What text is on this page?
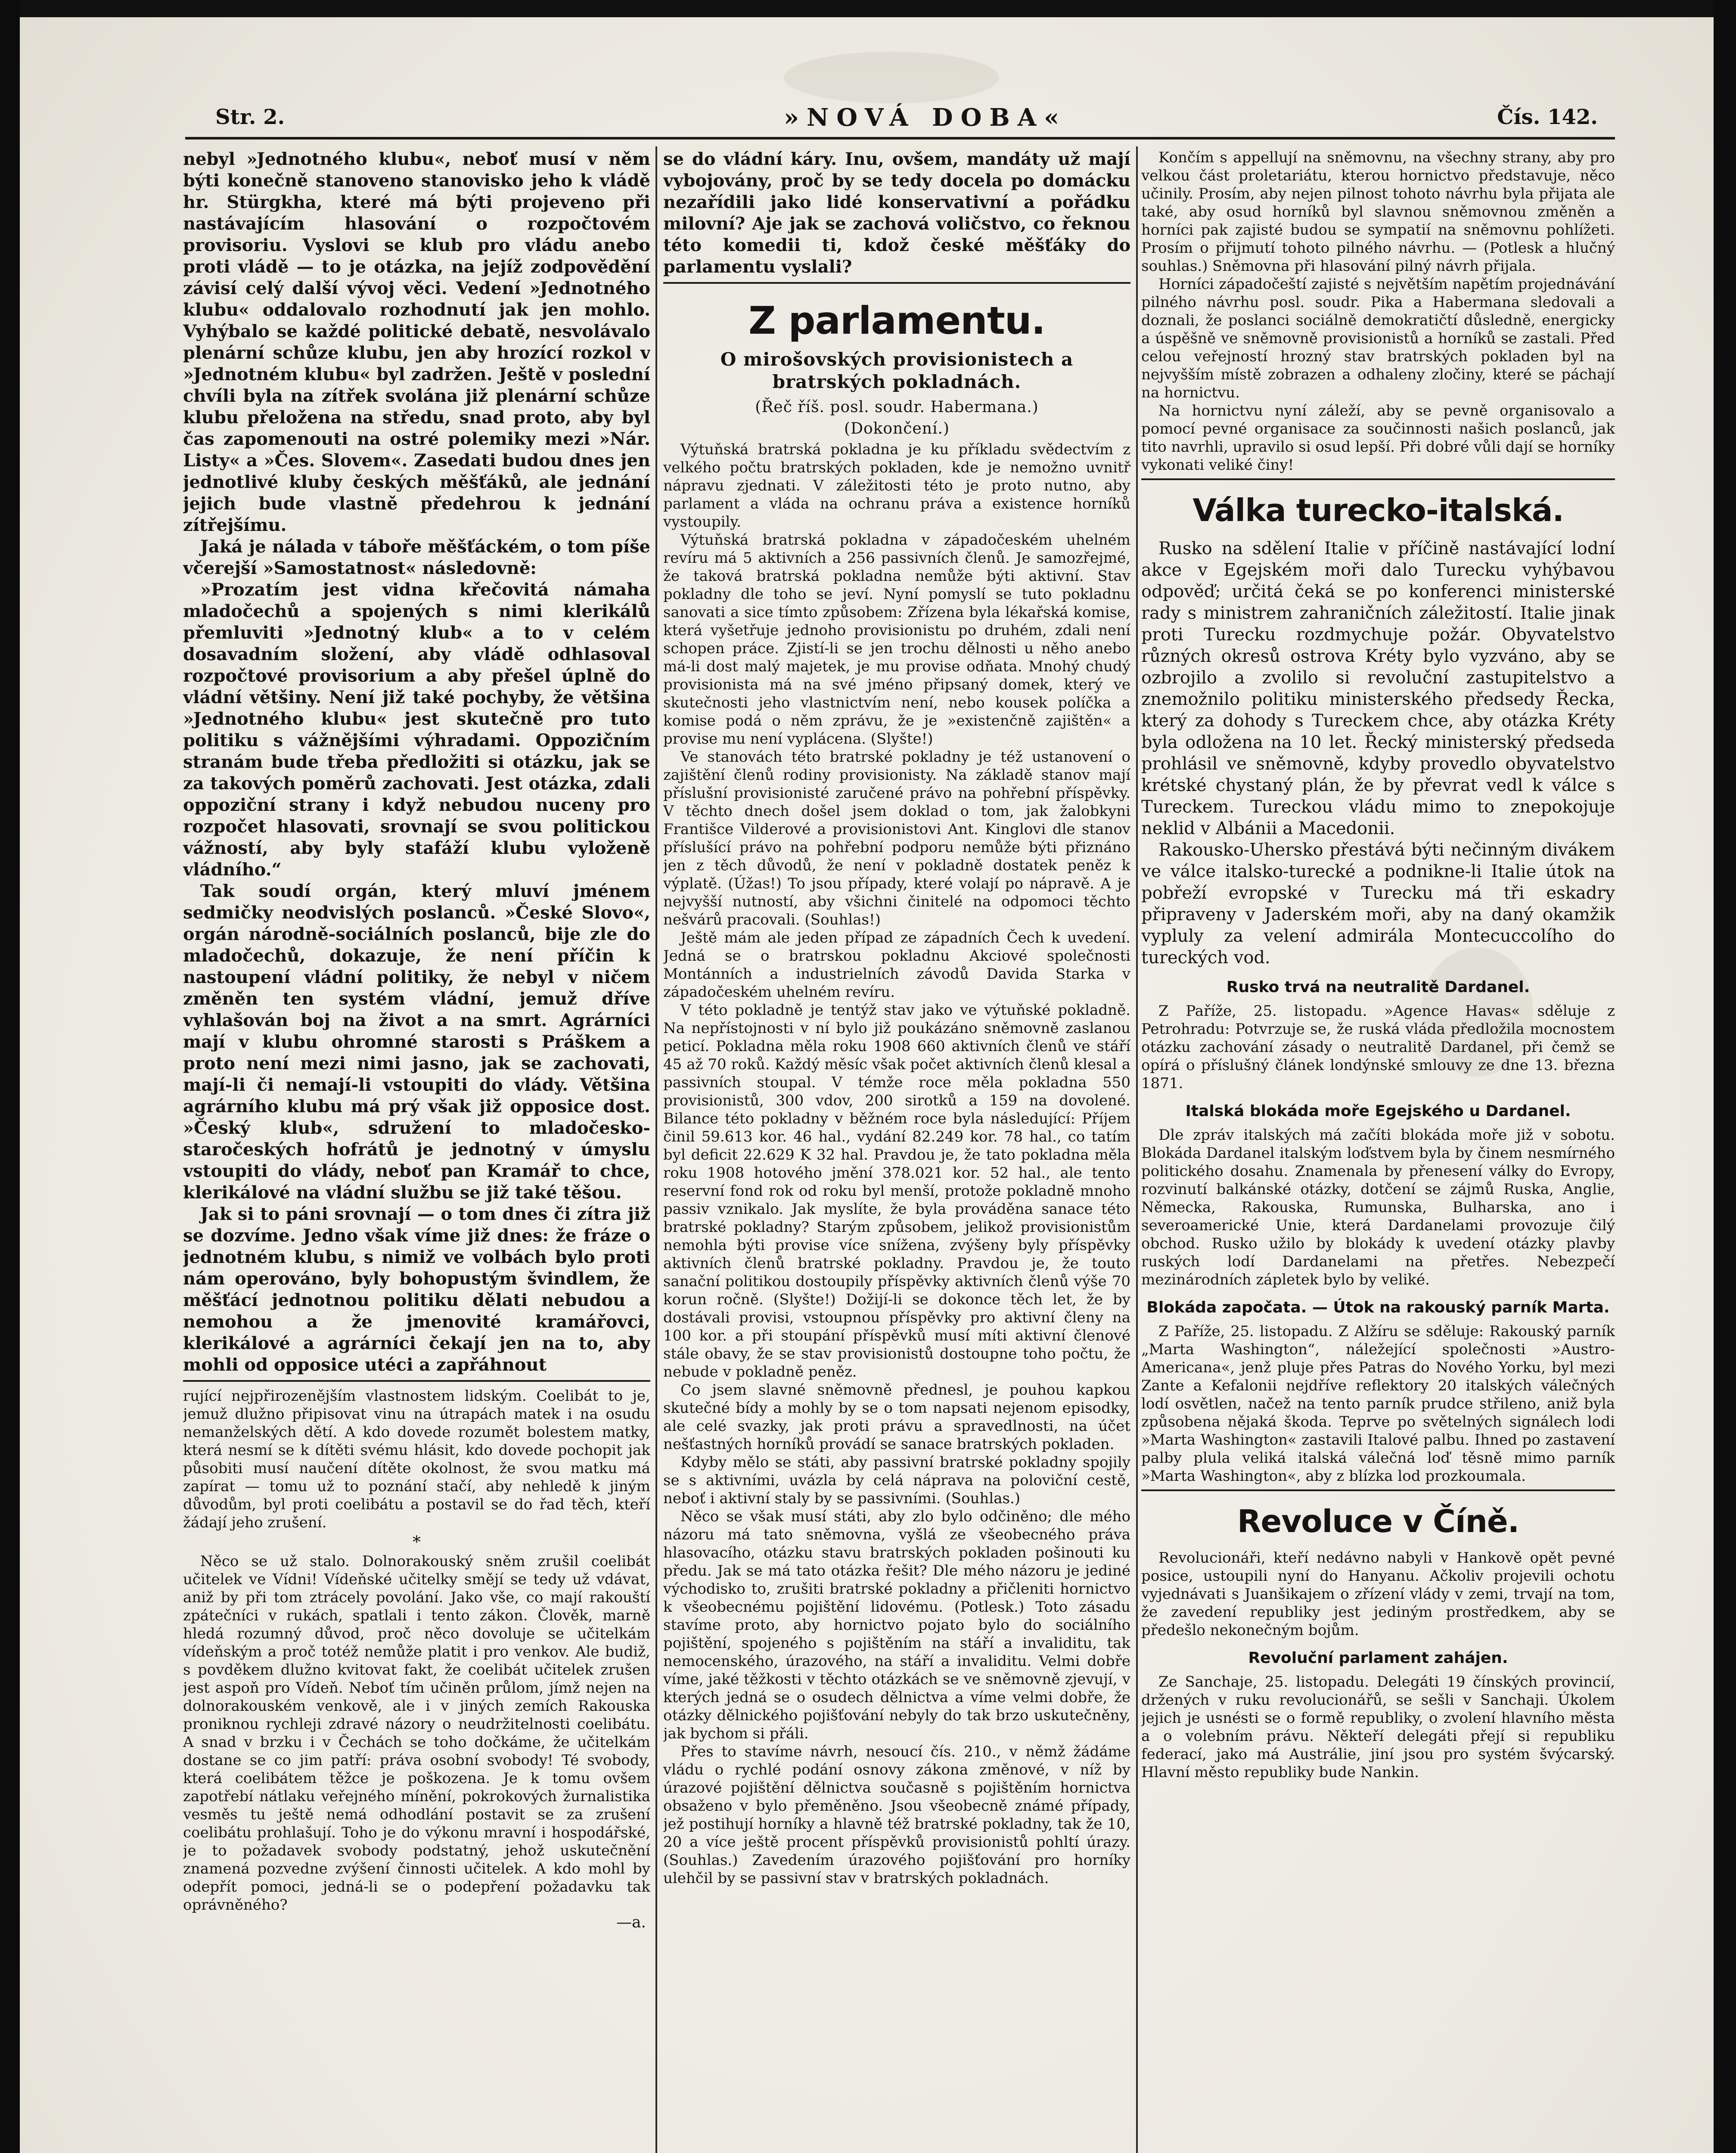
Str. 2.	»NOVÁ DOBA«	Čís. 142.

nebyl »Jednotného klubu«, neboť musí v něm býti konečně stanoveno stanovisko jeho k vládě hr. Stürgkha, které má býti projeveno při nastávajícím hlasování o rozpočtovém provisoriu. Vyslovi se klub pro vládu anebo proti vládě — to je otázka, na jejíž zodpovědění závisí celý další vývoj věci. Vedení »Jednotného klubu« oddalovalo rozhodnutí jak jen mohlo. Vyhýbalo se každé politické debatě, nesvolávalo plenární schůze klubu, jen aby hrozící rozkol v »Jednotném klubu« byl zadržen. Ještě v poslední chvíli byla na zítřek svolána již plenární schůze klubu přeložena na středu, snad proto, aby byl čas zapomenouti na ostré polemiky mezi »Nár. Listy« a »Čes. Slovem«. Zasedati budou dnes jen jednotlivé kluby českých měšťáků, ale jednání jejich bude vlastně předehrou k jednání zítřejšímu.

Jaká je nálada v táboře měšťáckém, o tom píše včerejší »Samostatnost« následovně:

»Prozatím jest vidna křečovitá námaha mladočechů a spojených s nimi klerikálů přemluviti »Jednotný klub« a to v celém dosavadním složení, aby vládě odhlasoval rozpočtové provisorium a aby přešel úplně do vládní většiny. Není již také pochyby, že většina »Jednotného klubu« jest skutečně pro tuto politiku s vážnějšími výhradami. Oppozičním stranám bude třeba předložiti si otázku, jak se za takových poměrů zachovati. Jest otázka, zdali oppoziční strany i když nebudou nuceny pro rozpočet hlasovati, srovnají se svou politickou vážností, aby byly stafáží klubu vyloženě vládního.“

Tak soudí orgán, který mluví jménem sedmičky neodvislých poslanců. »České Slovo«, orgán národně-sociálních poslanců, bije zle do mladočechů, dokazuje, že není příčin k nastoupení vládní politiky, že nebyl v ničem změněn ten systém vládní, jemuž dříve vyhlašován boj na život a na smrt. Agrárníci mají v klubu ohromné starosti s Práškem a proto není mezi nimi jasno, jak se zachovati, mají-li či nemají-li vstoupiti do vlády. Většina agrárního klubu má prý však již opposice dost. »Český klub«, sdružení to mladočesko-staročeských hofrátů je jednotný v úmyslu vstoupiti do vlády, neboť pan Kramář to chce, klerikálové na vládní službu se již také těšou.

Jak si to páni srovnají — o tom dnes či zítra již se dozvíme. Jedno však víme již dnes: že fráze o jednotném klubu, s nimiž ve volbách bylo proti nám operováno, byly bohopustým švindlem, že měšťácí jednotnou politiku dělati nebudou a nemohou a že jmenovité kramářovci, klerikálové a agrárníci čekají jen na to, aby mohli od opposice utéci a zapřáhnout

rující nejpřirozenějším vlastnostem lidským. Coelibát to je, jemuž dlužno připisovat vinu na útrapách matek i na osudu nemanželských dětí. A kdo dovede rozumět bolestem matky, která nesmí se k dítěti svému hlásit, kdo dovede pochopit jak působiti musí naučení dítěte okolnost, že svou matku má zapírat — tomu už to poznání stačí, aby nehledě k jiným důvodům, byl proti coelibátu a postavil se do řad těch, kteří žádají jeho zrušení.

*

Něco se už stalo. Dolnorakouský sněm zrušil coelibát učitelek ve Vídni! Vídeňské učitelky smějí se tedy už vdávat, aniž by při tom ztrácely povolání. Jako vše, co mají rakouští zpátečníci v rukách, spatlali i tento zákon. Člověk, marně hledá rozumný důvod, proč něco dovoluje se učitelkám vídeňským a proč totéž nemůže platit i pro venkov. Ale budiž, s povděkem dlužno kvitovat fakt, že coelibát učitelek zrušen jest aspoň pro Vídeň. Neboť tím učiněn průlom, jímž nejen na dolnorakouském venkově, ale i v jiných zemích Rakouska proniknou rychleji zdravé názory o neudržitelnosti coelibátu. A snad v brzku i v Čechách se toho dočkáme, že učitelkám dostane se co jim patří: práva osobní svobody! Té svobody, která coelibátem těžce je poškozena. Je k tomu ovšem zapotřebí nátlaku veřejného mínění, pokrokových žurnalistika vesměs tu ještě nemá odhodlání postavit se za zrušení coelibátu prohlašují. Toho je do výkonu mravní i hospodářské, je to požadavek svobody podstatný, jehož uskutečnění znamená pozvedne zvýšení činnosti učitelek. A kdo mohl by odepřít pomoci, jedná-li se o podepření požadavku tak oprávněného?

—a.

se do vládní káry. Inu, ovšem, mandáty už mají vybojovány, proč by se tedy docela po domácku nezařídili jako lidé konservativní a pořádku milovní? Aje jak se zachová voličstvo, co řeknou této komedii ti, kdož české měšťáky do parlamentu vyslali?

Z parlamentu.
O mirošovských provisionistech a bratrských pokladnách.
(Řeč říš. posl. soudr. Habermana.)
(Dokončení.)

Výtuňská bratrská pokladna je ku příkladu svědectvím z velkého počtu bratrských pokladen, kde je nemožno uvnitř nápravu zjednati. V záležitosti této je proto nutno, aby parlament a vláda na ochranu práva a existence horníků vystoupily.

Výtuňská bratrská pokladna v západočeském uhelném revíru má 5 aktivních a 256 passivních členů. Je samozřejmé, že taková bratrská pokladna nemůže býti aktivní. Stav pokladny dle toho se jeví. Nyní pomyslí se tuto pokladnu sanovati a sice tímto způsobem: Zřízena byla lékařská komise, která vyšetřuje jednoho provisionistu po druhém, zdali není schopen práce. Zjistí-li se jen trochu dělnosti u něho anebo má-li dost malý majetek, je mu provise odňata. Mnohý chudý provisionista má na své jméno připsaný domek, který ve skutečnosti jeho vlastnictvím není, nebo kousek políčka a komise podá o něm zprávu, že je »existenčně zajištěn« a provise mu není vyplácena. (Slyšte!)

Ve stanovách této bratrské pokladny je též ustanovení o zajištění členů rodiny provisionisty. Na základě stanov mají příslušní provisionisté zaručené právo na pohřební příspěvky. V těchto dnech došel jsem doklad o tom, jak žalobkyni Františce Vilderové a provisionistovi Ant. Kinglovi dle stanov příslušící právo na pohřební podporu nemůže býti přiznáno jen z těch důvodů, že není v pokladně dostatek peněz k výplatě. (Úžas!) To jsou případy, které volají po nápravě. A je nejvyšší nutností, aby všichni činitelé na odpomoci těchto nešvárů pracovali. (Souhlas!)

Ještě mám ale jeden případ ze západních Čech k uvedení. Jedná se o bratrskou pokladnu Akciové společnosti Montánních a industrielních závodů Davida Starka v západočeském uhelném revíru.

V této pokladně je tentýž stav jako ve výtuňské pokladně. Na nepřístojnosti v ní bylo již poukázáno sněmovně zaslanou peticí. Pokladna měla roku 1908 660 aktivních členů ve stáří 45 až 70 roků. Každý měsíc však počet aktivních členů klesal a passivních stoupal. V témže roce měla pokladna 550 provisionistů, 300 vdov, 200 sirotků a 159 na dovolené. Bilance této pokladny v běžném roce byla následující: Příjem činil 59.613 kor. 46 hal., vydání 82.249 kor. 78 hal., co tatím byl deficit 22.629 K 32 hal. Pravdou je, že tato pokladna měla roku 1908 hotového jmění 378.021 kor. 52 hal., ale tento reservní fond rok od roku byl menší, protože pokladně mnoho passiv vznikalo. Jak myslíte, že byla prováděna sanace této bratrské pokladny? Starým způsobem, jelikož provisionistům nemohla býti provise více snížena, zvýšeny byly příspěvky aktivních členů bratrské pokladny. Pravdou je, že touto sanační politikou dostoupily příspěvky aktivních členů výše 70 korun ročně. (Slyšte!) Dožijí-li se dokonce těch let, že by dostávali provisi, vstoupnou příspěvky pro aktivní členy na 100 kor. a při stoupání příspěvků musí míti aktivní členové stále obavy, že se stav provisionistů dostoupne toho počtu, že nebude v pokladně peněz.

Co jsem slavné sněmovně přednesl, je pouhou kapkou skutečné bídy a mohly by se o tom napsati nejenom episodky, ale celé svazky, jak proti právu a spravedlnosti, na účet nešťastných horníků provádí se sanace bratrských pokladen.

Kdyby mělo se státi, aby passivní bratrské pokladny spojily se s aktivními, uvázla by celá náprava na poloviční cestě, neboť i aktivní staly by se passivními. (Souhlas.)

Něco se však musí státi, aby zlo bylo odčiněno; dle mého názoru má tato sněmovna, vyšlá ze všeobecného práva hlasovacího, otázku stavu bratrských pokladen pošinouti ku předu. Jak se má tato otázka řešit? Dle mého názoru je jediné východisko to, zrušiti bratrské pokladny a přičleniti hornictvo k všeobecnému pojištění lidovému. (Potlesk.) Toto zásadu stavíme proto, aby hornictvo pojato bylo do sociálního pojištění, spojeného s pojištěním na stáří a invaliditu, tak nemocenského, úrazového, na stáří a invaliditu. Velmi dobře víme, jaké těžkosti v těchto otázkách se ve sněmovně zjevují, v kterých jedná se o osudech dělnictva a víme velmi dobře, že otázky dělnického pojišťování nebyly do tak brzo uskutečněny, jak bychom si přáli.

Přes to stavíme návrh, nesoucí čís. 210., v němž žádáme vládu o rychlé podání osnovy zákona změnové, v níž by úrazové pojištění dělnictva současně s pojištěním hornictva obsaženo v bylo přeměněno. Jsou všeobecně známé případy, jež postihují horníky a hlavně též bratrské pokladny, tak že 10, 20 a více ještě procent příspěvků provisionistů pohltí úrazy. (Souhlas.) Zavedením úrazového pojišťování pro horníky ulehčil by se passivní stav v bratrských pokladnách.

Končím s appellují na sněmovnu, na všechny strany, aby pro velkou část proletariátu, kterou hornictvo představuje, něco učinily. Prosím, aby nejen pilnost tohoto návrhu byla přijata ale také, aby osud horníků byl slavnou sněmovnou změněn a horníci pak zajisté budou se sympatií na sněmovnu pohlížeti. Prosím o přijmutí tohoto pilného návrhu. — (Potlesk a hlučný souhlas.) Sněmovna při hlasování pilný návrh přijala.

Horníci západočeští zajisté s největším napětím projednávání pilného návrhu posl. soudr. Pika a Habermana sledovali a doznali, že poslanci sociálně demokratičtí důsledně, energicky a úspěšně ve sněmovně provisionistů a horníků se zastali. Před celou veřejností hrozný stav bratrských pokladen byl na nejvyšším místě zobrazen a odhaleny zločiny, které se páchají na hornictvu.

Na hornictvu nyní záleží, aby se pevně organisovalo a pomocí pevné organisace za součinnosti našich poslanců, jak tito navrhli, upravilo si osud lepší. Při dobré vůli dají se horníky vykonati veliké činy!

Válka turecko-italská.

Rusko na sdělení Italie v příčině nastávající lodní akce v Egejském moři dalo Turecku vyhýbavou odpověď; určitá čeká se po konferenci ministerské rady s ministrem zahraničních záležitostí. Italie jinak proti Turecku rozdmychuje požár. Obyvatelstvo různých okresů ostrova Kréty bylo vyzváno, aby se ozbrojilo a zvolilo si revoluční zastupitelstvo a znemožnilo politiku ministerského předsedy Řecka, který za dohody s Tureckem chce, aby otázka Kréty byla odložena na 10 let. Řecký ministerský předseda prohlásil ve sněmovně, kdyby provedlo obyvatelstvo krétské chystaný plán, že by převrat vedl k válce s Tureckem. Tureckou vládu mimo to znepokojuje neklid v Albánii a Macedonii.

Rakousko-Uhersko přestává býti nečinným divákem ve válce italsko-turecké a podnikne-li Italie útok na pobřeží evropské v Turecku má tři eskadry připraveny v Jaderském moři, aby na daný okamžik vypluly za velení admirála Montecuccolího do tureckých vod.

Rusko trvá na neutralitě Dardanel.

Z Paříže, 25. listopadu. »Agence Havas« sděluje z Petrohradu: Potvrzuje se, že ruská vláda předložila mocnostem otázku zachování zásady o neutralitě Dardanel, při čemž se opírá o příslušný článek londýnské smlouvy ze dne 13. března 1871.

Italská blokáda moře Egejského u Dardanel.

Dle zpráv italských má začíti blokáda moře již v sobotu. Blokáda Dardanel italským loďstvem byla by činem nesmírného politického dosahu. Znamenala by přenesení války do Evropy, rozvinutí balkánské otázky, dotčení se zájmů Ruska, Anglie, Německa, Rakouska, Rumunska, Bulharska, ano i severoamerické Unie, která Dardanelami provozuje čilý obchod. Rusko užilo by blokády k uvedení otázky plavby ruských lodí Dardanelami na přetřes. Nebezpečí mezinárodních zápletek bylo by veliké.

Blokáda započata. — Útok na rakouský parník Marta.

Z Paříže, 25. listopadu. Z Alžíru se sděluje: Rakouský parník „Marta Washington“, náležející společnosti »Austro-Americana«, jenž pluje přes Patras do Nového Yorku, byl mezi Zante a Kefalonii nejdříve reflektory 20 italských válečných lodí osvětlen, načež na tento parník prudce střileno, aniž byla způsobena nějaká škoda. Teprve po světelných signálech lodi »Marta Washington« zastavili Italové palbu. Ihned po zastavení palby plula veliká italská válečná loď těsně mimo parník »Marta Washington«, aby z blízka lod prozkoumala.

Revoluce v Číně.

Revolucionáři, kteří nedávno nabyli v Hankově opět pevné posice, ustoupili nyní do Hanyanu. Ačkoliv projevili ochotu vyjednávati s Juanšikajem o zřízení vlády v zemi, trvají na tom, že zavedení republiky jest jediným prostředkem, aby se předešlo nekonečným bojům.

Revoluční parlament zahájen.

Ze Sanchaje, 25. listopadu. Delegáti 19 čínských provincií, držených v ruku revolucionářů, se sešli v Sanchaji. Úkolem jejich je usnésti se o formě republiky, o zvolení hlavního města a o volebním právu. Někteří delegáti přejí si republiku federací, jako má Austrálie, jiní jsou pro systém švýcarský. Hlavní město republiky bude Nankin.
